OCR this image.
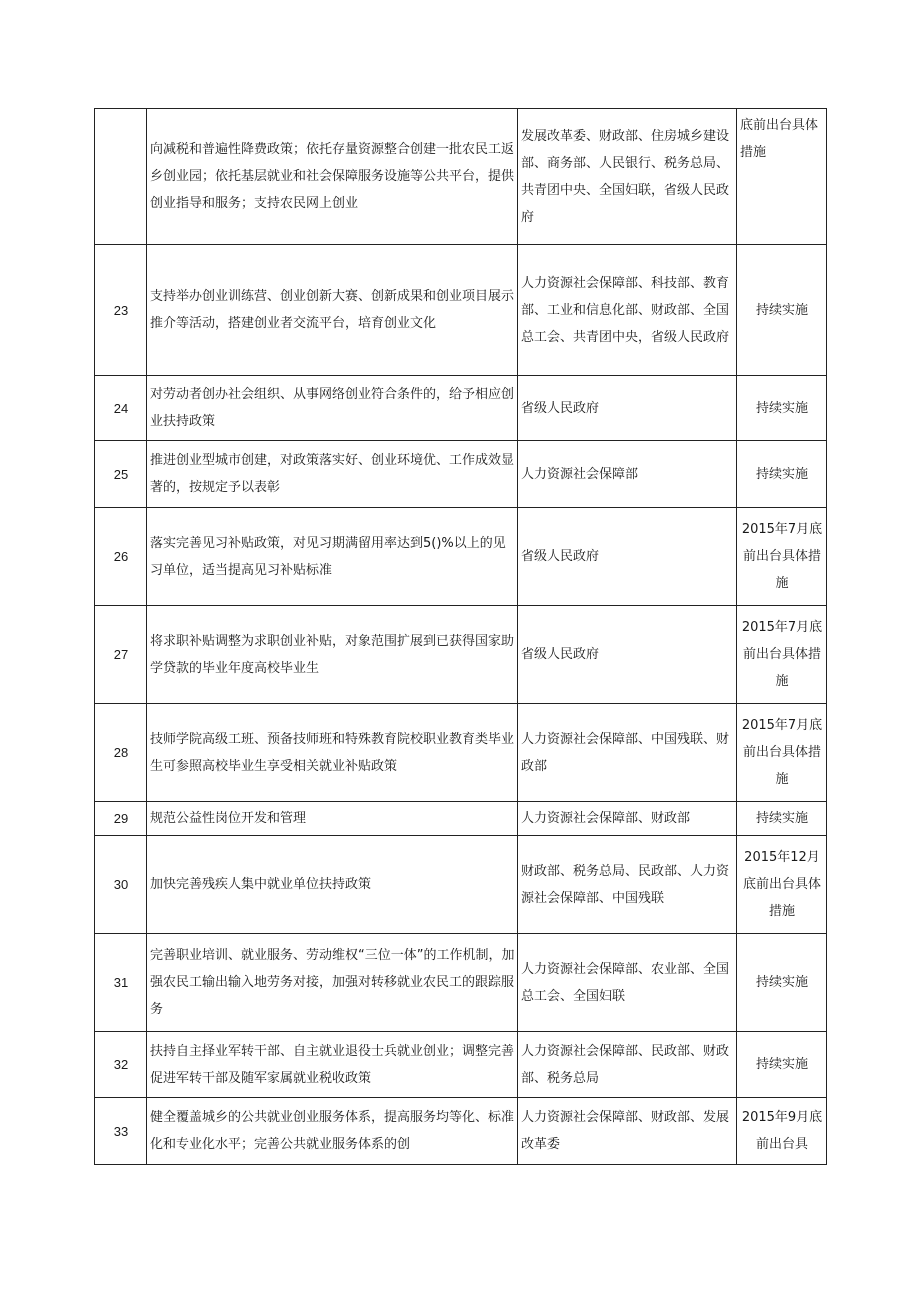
	向减税和普遍性降费政策；依托存量资源整合创建一批农民工返乡创业园；依托基层就业和社会保障服务设施等公共平台，提供创业指导和服务；支持农民网上创业	发展改革委、财政部、住房城乡建设部、商务部、人民银行、税务总局、共青团中央、全国妇联，省级人民政府	底前出台具体措施
23	支持举办创业训练营、创业创新大赛、创新成果和创业项目展示推介等活动，搭建创业者交流平台，培育创业文化	人力资源社会保障部、科技部、教育部、工业和信息化部、财政部、全国总工会、共青团中央，省级人民政府	持续实施
24	对劳动者创办社会组织、从事网络创业符合条件的，给予相应创业扶持政策	省级人民政府	持续实施
25	推进创业型城市创建，对政策落实好、创业环境优、工作成效显著的，按规定予以表彰	人力资源社会保障部	持续实施
26	落实完善见习补贴政策，对见习期满留用率达到5()%以上的见习单位，适当提高见习补贴标准	省级人民政府	2015年7月底前出台具体措施
27	将求职补贴调整为求职创业补贴，对象范围扩展到已获得国家助学贷款的毕业年度高校毕业生	省级人民政府	2015年7月底前出台具体措施
28	技师学院高级工班、预备技师班和特殊教育院校职业教育类毕业生可参照高校毕业生享受相关就业补贴政策	人力资源社会保障部、中国残联、财政部	2015年7月底前出台具体措施
29	规范公益性岗位开发和管理	人力资源社会保障部、财政部	持续实施
30	加快完善残疾人集中就业单位扶持政策	财政部、税务总局、民政部、人力资源社会保障部、中国残联	2015年12月底前出台具体措施
31	完善职业培训、就业服务、劳动维权“三位一体”的工作机制，加强农民工输出输入地劳务对接，加强对转移就业农民工的跟踪服务	人力资源社会保障部、农业部、全国总工会、全国妇联	持续实施
32	扶持自主择业军转干部、自主就业退役士兵就业创业；调整完善促进军转干部及随军家属就业税收政策	人力资源社会保障部、民政部、财政部、税务总局	持续实施
33	健全覆盖城乡的公共就业创业服务体系，提高服务均等化、标准化和专业化水平；完善公共就业服务体系的创	人力资源社会保障部、财政部、发展改革委	2015年9月底前出台具
